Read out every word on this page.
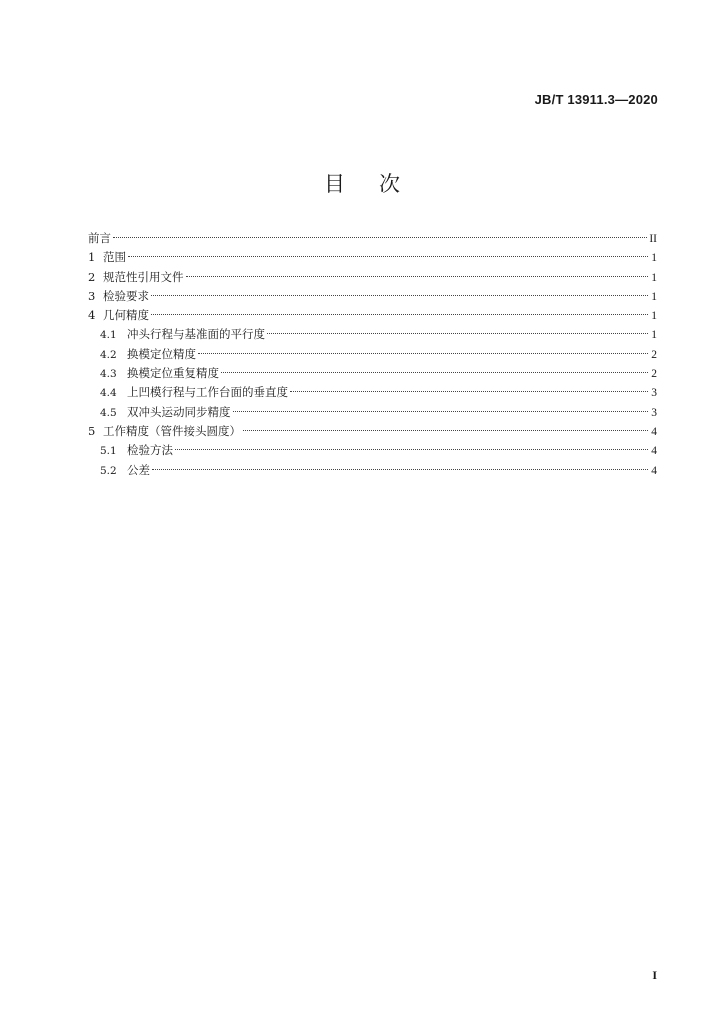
JB/T 13911.3—2020
目次
前言	II
1 范围	1
2 规范性引用文件	1
3 检验要求	1
4 几何精度	1
4.1 冲头行程与基准面的平行度	1
4.2 换模定位精度	2
4.3 换模定位重复精度	2
4.4 上凹模行程与工作台面的垂直度	3
4.5 双冲头运动同步精度	3
5 工作精度（管件接头圆度）	4
5.1 检验方法	4
5.2 公差	4
I
